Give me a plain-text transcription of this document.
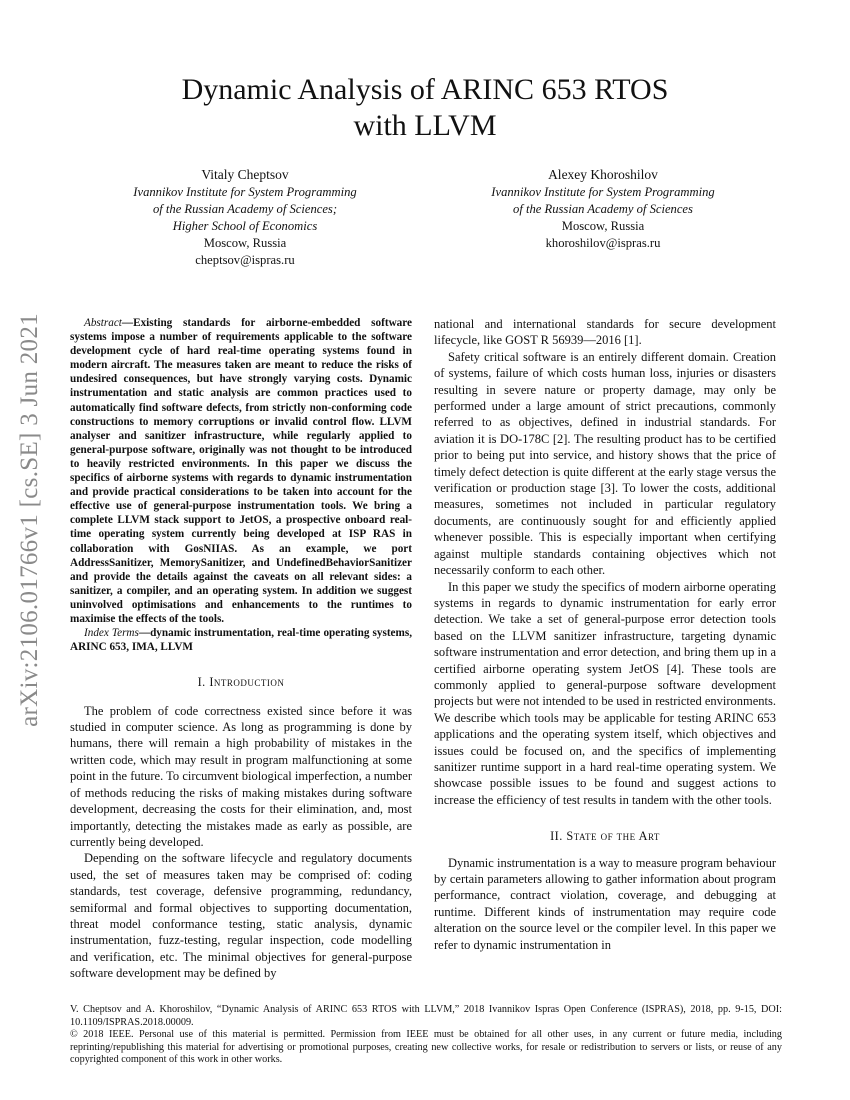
arXiv:2106.01766v1 [cs.SE] 3 Jun 2021
Dynamic Analysis of ARINC 653 RTOS
with LLVM
Vitaly Cheptsov
Ivannikov Institute for System Programming
of the Russian Academy of Sciences;
Higher School of Economics
Moscow, Russia
cheptsov@ispras.ru
Alexey Khoroshilov
Ivannikov Institute for System Programming
of the Russian Academy of Sciences
Moscow, Russia
khoroshilov@ispras.ru
Abstract—Existing standards for airborne-embedded software systems impose a number of requirements applicable to the software development cycle of hard real-time operating systems found in modern aircraft. The measures taken are meant to reduce the risks of undesired consequences, but have strongly varying costs. Dynamic instrumentation and static analysis are common practices used to automatically find software defects, from strictly non-conforming code constructions to memory corruptions or invalid control flow. LLVM analyser and sanitizer infrastructure, while regularly applied to general-purpose software, originally was not thought to be introduced to heavily restricted environments. In this paper we discuss the specifics of airborne systems with regards to dynamic instrumentation and provide practical considerations to be taken into account for the effective use of general-purpose instrumentation tools. We bring a complete LLVM stack support to JetOS, a prospective onboard real-time operating system currently being developed at ISP RAS in collaboration with GosNIIAS. As an example, we port AddressSanitizer, MemorySanitizer, and UndefinedBehaviorSanitizer and provide the details against the caveats on all relevant sides: a sanitizer, a compiler, and an operating system. In addition we suggest uninvolved optimisations and enhancements to the runtimes to maximise the effects of the tools.
Index Terms—dynamic instrumentation, real-time operating systems, ARINC 653, IMA, LLVM
I. Introduction

The problem of code correctness existed since before it was studied in computer science. As long as programming is done by humans, there will remain a high probability of mistakes in the written code, which may result in program malfunctioning at some point in the future. To circumvent biological imperfection, a number of methods reducing the risks of making mistakes during software development, decreasing the costs for their elimination, and, most importantly, detecting the mistakes made as early as possible, are currently being developed.

Depending on the software lifecycle and regulatory documents used, the set of measures taken may be comprised of: coding standards, test coverage, defensive programming, redundancy, semiformal and formal objectives to supporting documentation, threat model conformance testing, static analysis, dynamic instrumentation, fuzz-testing, regular inspection, code modelling and verification, etc. The minimal objectives for general-purpose software development may be defined by

national and international standards for secure development lifecycle, like GOST R 56939—2016 [1].

Safety critical software is an entirely different domain. Creation of systems, failure of which costs human loss, injuries or disasters resulting in severe nature or property damage, may only be performed under a large amount of strict precautions, commonly referred to as objectives, defined in industrial standards. For aviation it is DO-178C [2]. The resulting product has to be certified prior to being put into service, and history shows that the price of timely defect detection is quite different at the early stage versus the verification or production stage [3]. To lower the costs, additional measures, sometimes not included in particular regulatory documents, are continuously sought for and efficiently applied whenever possible. This is especially important when certifying against multiple standards containing objectives which not necessarily conform to each other.

In this paper we study the specifics of modern airborne operating systems in regards to dynamic instrumentation for early error detection. We take a set of general-purpose error detection tools based on the LLVM sanitizer infrastructure, targeting dynamic software instrumentation and error detection, and bring them up in a certified airborne operating system JetOS [4]. These tools are commonly applied to general-purpose software development projects but were not intended to be used in restricted environments. We describe which tools may be applicable for testing ARINC 653 applications and the operating system itself, which objectives and issues could be focused on, and the specifics of implementing sanitizer runtime support in a hard real-time operating system. We showcase possible issues to be found and suggest actions to increase the efficiency of test results in tandem with the other tools.

II. State of the Art

Dynamic instrumentation is a way to measure program behaviour by certain parameters allowing to gather information about program performance, contract violation, coverage, and debugging at runtime. Different kinds of instrumentation may require code alteration on the source level or the compiler level. In this paper we refer to dynamic instrumentation in

V. Cheptsov and A. Khoroshilov, “Dynamic Analysis of ARINC 653 RTOS with LLVM,” 2018 Ivannikov Ispras Open Conference (ISPRAS), 2018, pp. 9-15, DOI: 10.1109/ISPRAS.2018.00009.
© 2018 IEEE. Personal use of this material is permitted. Permission from IEEE must be obtained for all other uses, in any current or future media, including reprinting/republishing this material for advertising or promotional purposes, creating new collective works, for resale or redistribution to servers or lists, or reuse of any copyrighted component of this work in other works.
